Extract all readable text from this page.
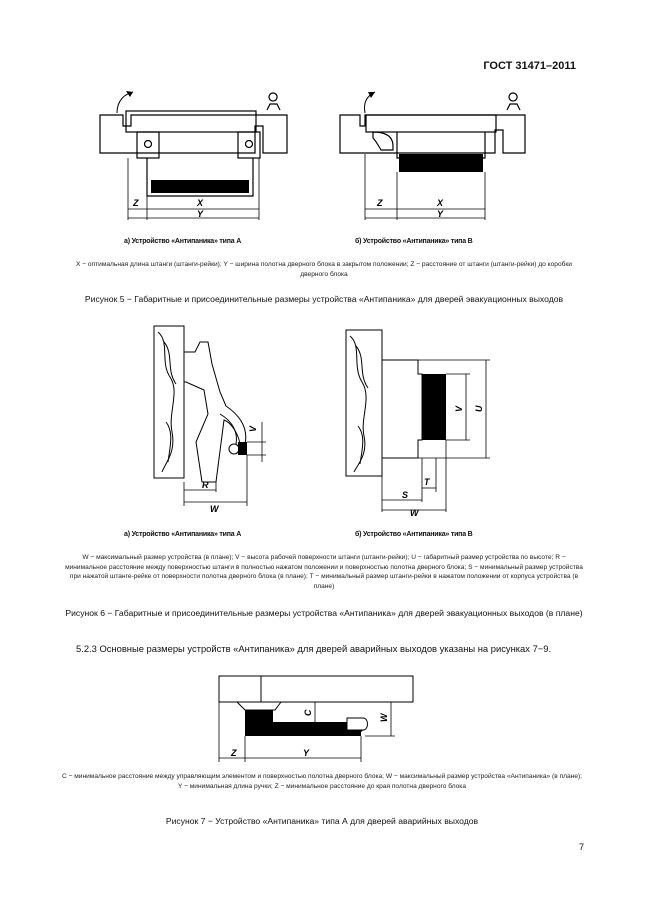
ГОСТ 31471–2011
Z	X
Y
Z	X
Y
а) Устройство «Антипаника» типа А	б) Устройство «Антипаника» типа В
X − оптимальная длина штанги (штанги-рейки); Y − ширина полотна дверного блока в закрытом положении; Z − расстояние от штанги (штанги-рейки) до коробки дверного блока
Рисунок 5 − Габаритные и присоединительные размеры устройства «Антипаника» для дверей эвакуационных выходов
R
W
V
V U
T
S
W
а) Устройство «Антипаника» типа А	б) Устройство «Антипаника» типа В
W − максимальный размер устройства (в плане); V − высота рабочей поверхности штанги (штанги-рейки); U − габаритный размер устройства по высоте; R − минимальное расстояние между поверхностью штанги в полностью нажатом положении и поверхностью полотна дверного блока; S − минимальный размер устройства при нажатой штанге-рейке от поверхности полотна дверного блока (в плане); T − минимальный размер штанги-рейки в нажатом положении от корпуса устройства (в плане)
Рисунок 6 − Габаритные и присоединительные размеры устройства «Антипаника» для дверей эвакуационных выходов (в плане)
5.2.3 Основные размеры устройств «Антипаника» для дверей аварийных выходов указаны на рисунках 7−9.
C
W
Z	Y
C − минимальное расстояние между управляющим элементом и поверхностью полотна дверного блока; W − максимальный размер устройства «Антипаника» (в плане); Y − минимальная длина ручки; Z − минимальное расстояние до края полотна дверного блока
Рисунок 7 − Устройство «Антипаника» типа А для дверей аварийных выходов
7
